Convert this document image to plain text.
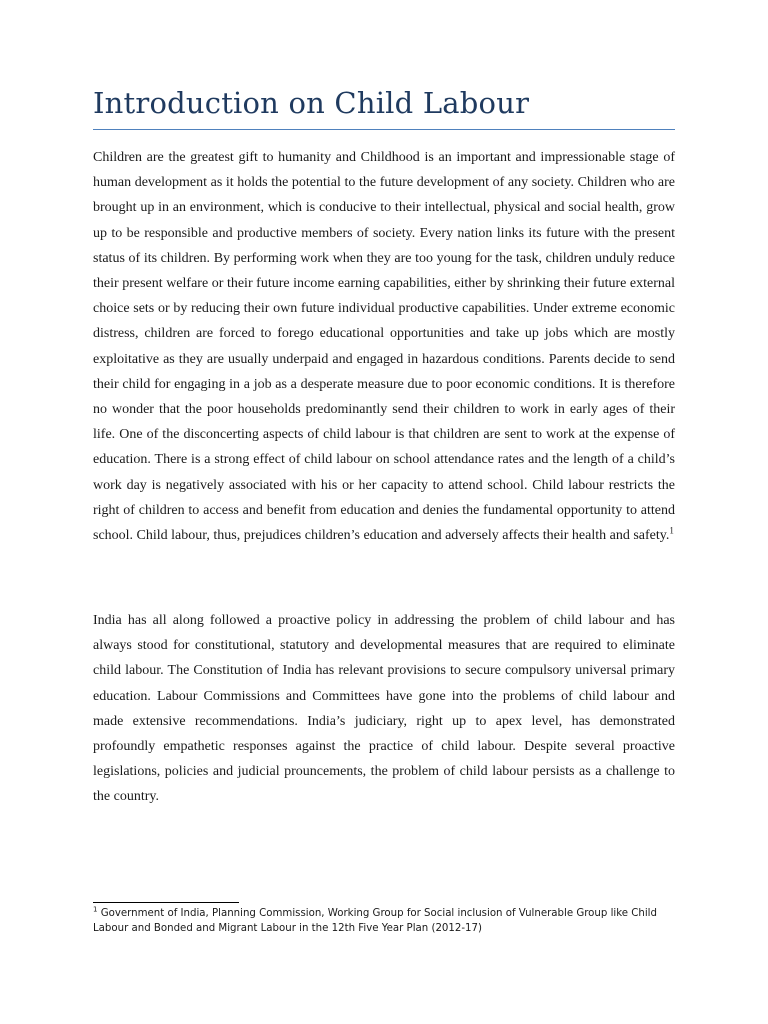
Introduction on Child Labour

Children are the greatest gift to humanity and Childhood is an important and impressionable stage of human development as it holds the potential to the future development of any society. Children who are brought up in an environment, which is conducive to their intellectual, physical and social health, grow up to be responsible and productive members of society. Every nation links its future with the present status of its children. By performing work when they are too young for the task, children unduly reduce their present welfare or their future income earning capabilities, either by shrinking their future external choice sets or by reducing their own future individual productive capabilities. Under extreme economic distress, children are forced to forego educational opportunities and take up jobs which are mostly exploitative as they are usually underpaid and engaged in hazardous conditions. Parents decide to send their child for engaging in a job as a desperate measure due to poor economic conditions. It is therefore no wonder that the poor households predominantly send their children to work in early ages of their life. One of the disconcerting aspects of child labour is that children are sent to work at the expense of education. There is a strong effect of child labour on school attendance rates and the length of a child’s work day is negatively associated with his or her capacity to attend school. Child labour restricts the right of children to access and benefit from education and denies the fundamental opportunity to attend school. Child labour, thus, prejudices children’s education and adversely affects their health and safety.$^1$

India has all along followed a proactive policy in addressing the problem of child labour and has always stood for constitutional, statutory and developmental measures that are required to eliminate child labour. The Constitution of India has relevant provisions to secure compulsory universal primary education. Labour Commissions and Committees have gone into the problems of child labour and made extensive recommendations. India’s judiciary, right up to apex level, has demonstrated profoundly empathetic responses against the practice of child labour. Despite several proactive legislations, policies and judicial prouncements, the problem of child labour persists as a challenge to the country.

$^1$ Government of India, Planning Commission, Working Group for Social inclusion of Vulnerable Group like Child Labour and Bonded and Migrant Labour in the 12th Five Year Plan (2012-17)
